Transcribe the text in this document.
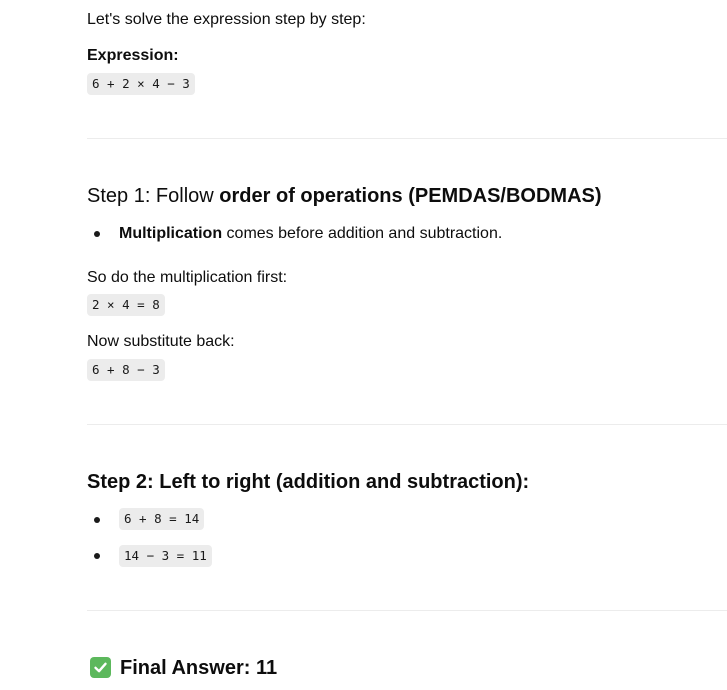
Let's solve the expression step by step:
Expression:
6 + 2 × 4 − 3
Step 1: Follow order of operations (PEMDAS/BODMAS)
Multiplication comes before addition and subtraction.
So do the multiplication first:
2 × 4 = 8
Now substitute back:
6 + 8 − 3
Step 2: Left to right (addition and subtraction):
6 + 8 = 14
14 − 3 = 11
Final Answer: 11
